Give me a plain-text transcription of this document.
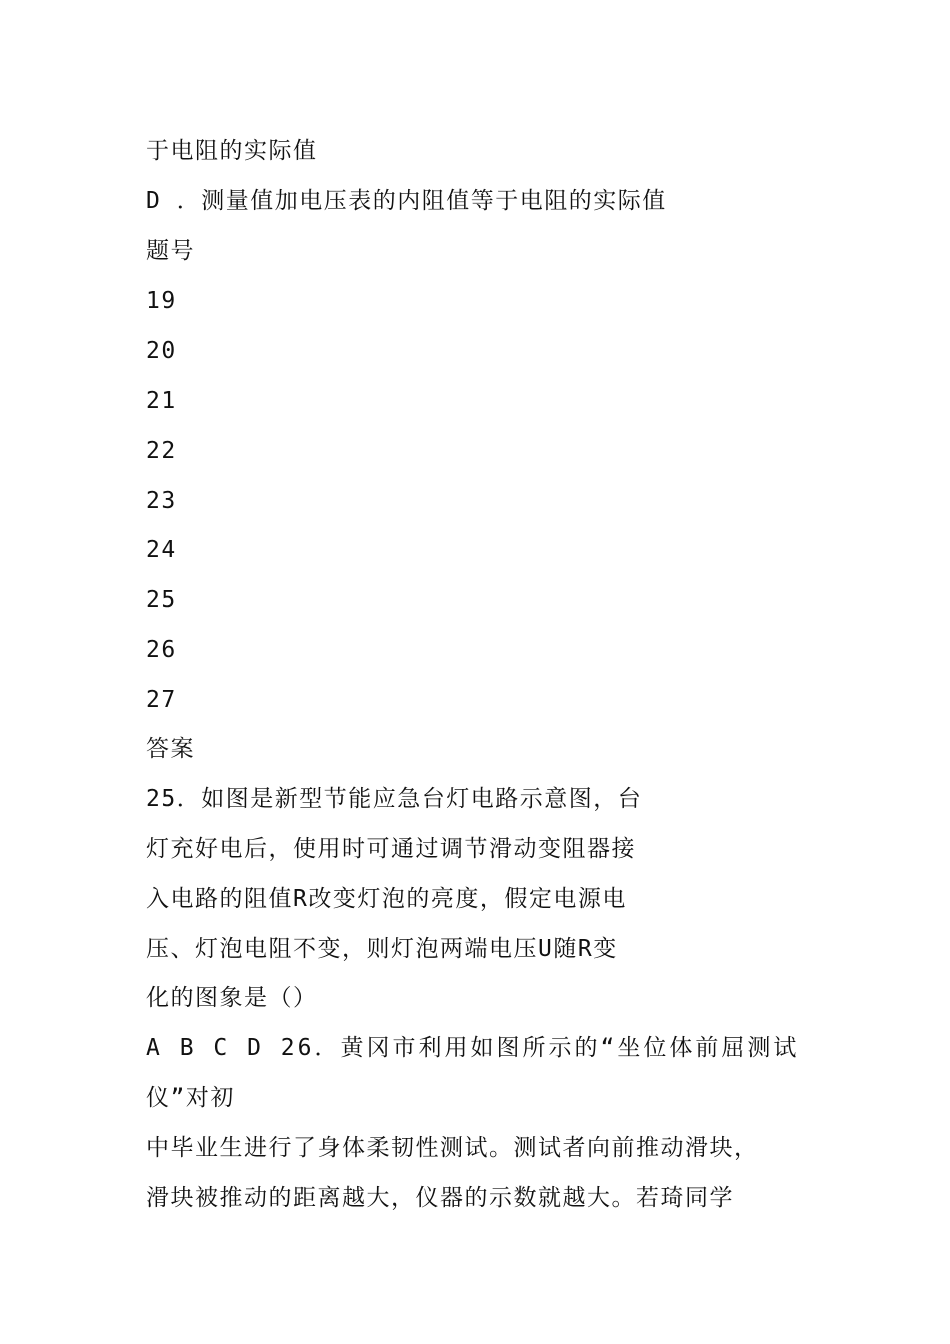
于电阻的实际值
D ．测量值加电压表的内阻值等于电阻的实际值
题号
19
20
21
22
23
24
25
26
27
答案
25．如图是新型节能应急台灯电路示意图，台
灯充好电后，使用时可通过调节滑动变阻器接
入电路的阻值R改变灯泡的亮度，假定电源电
压、灯泡电阻不变，则灯泡两端电压U随R变
化的图象是（）
A B C D 26．黄冈市利用如图所示的“坐位体前屈测试
仪”对初
中毕业生进行了身体柔韧性测试。测试者向前推动滑块，
滑块被推动的距离越大，仪器的示数就越大。若琦同学
